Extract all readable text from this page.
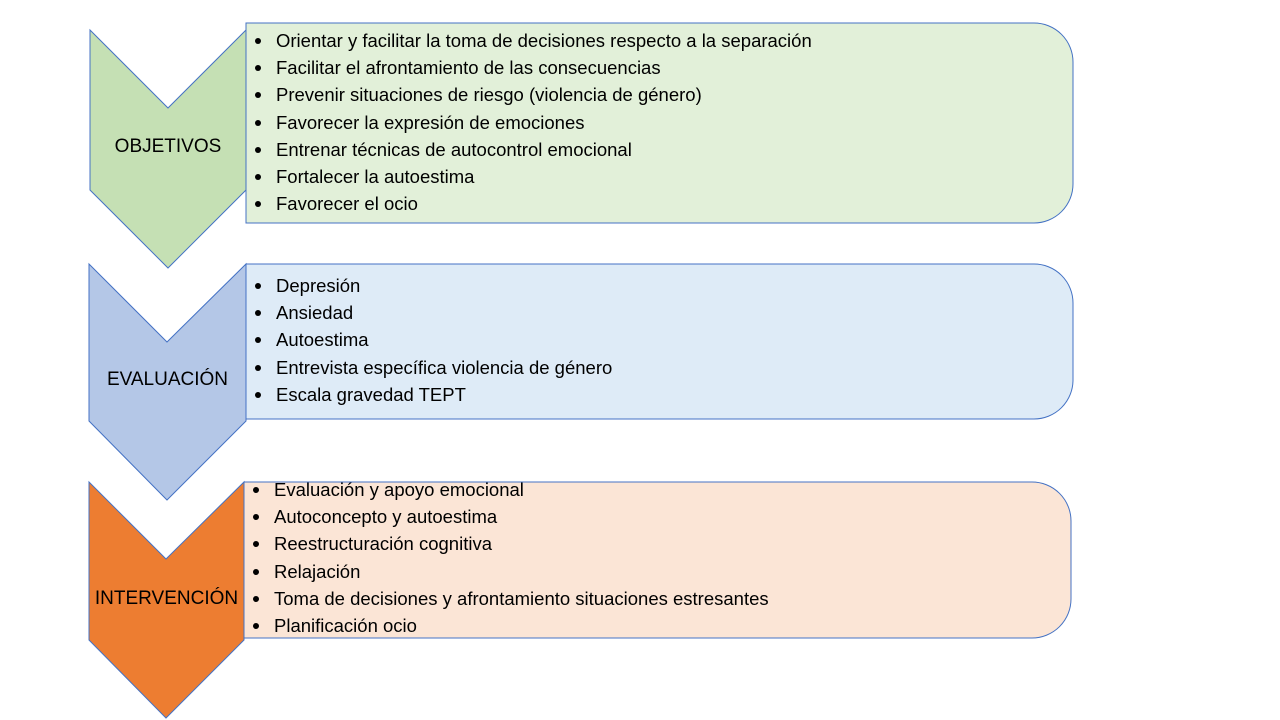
OBJETIVOS
EVALUACIÓN
INTERVENCIÓN
Orientar y facilitar la toma de decisiones respecto a la separación
Facilitar el afrontamiento de las consecuencias
Prevenir situaciones de riesgo (violencia de género)
Favorecer la expresión de emociones
Entrenar técnicas de autocontrol emocional
Fortalecer la autoestima
Favorecer el ocio
Depresión
Ansiedad
Autoestima
Entrevista específica violencia de género
Escala gravedad TEPT
Evaluación y apoyo emocional
Autoconcepto y autoestima
Reestructuración cognitiva
Relajación
Toma de decisiones y afrontamiento situaciones estresantes
Planificación ocio
